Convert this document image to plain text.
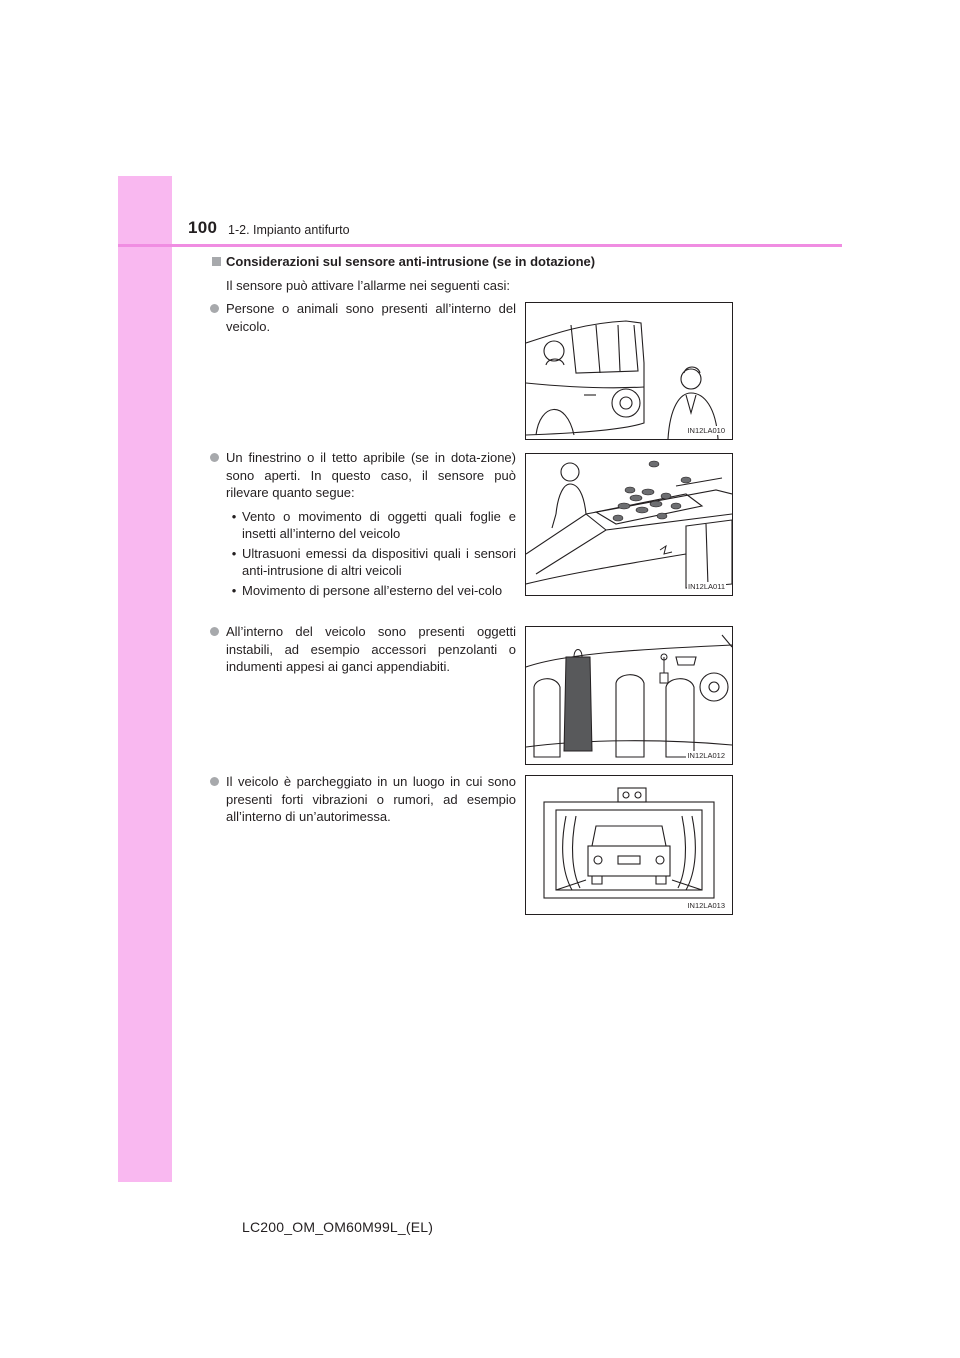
100 1-2. Impianto antifurto
Considerazioni sul sensore anti-intrusione (se in dotazione)
Il sensore può attivare l’allarme nei seguenti casi:
Persone o animali sono presenti all’interno del veicolo.
Un finestrino o il tetto apribile (se in dota-zione) sono aperti. In questo caso, il sensore può rilevare quanto segue:
• Vento o movimento di oggetti quali foglie e insetti all’interno del veicolo
• Ultrasuoni emessi da dispositivi quali i sensori anti-intrusione di altri veicoli
• Movimento di persone all’esterno del vei-colo
All’interno del veicolo sono presenti oggetti instabili, ad esempio accessori penzolanti o indumenti appesi ai ganci appendiabiti.
Il veicolo è parcheggiato in un luogo in cui sono presenti forti vibrazioni o rumori, ad esempio all’interno di un’autorimessa.
IN12LA010
IN12LA011
IN12LA012
IN12LA013
LC200_OM_OM60M99L_(EL)
